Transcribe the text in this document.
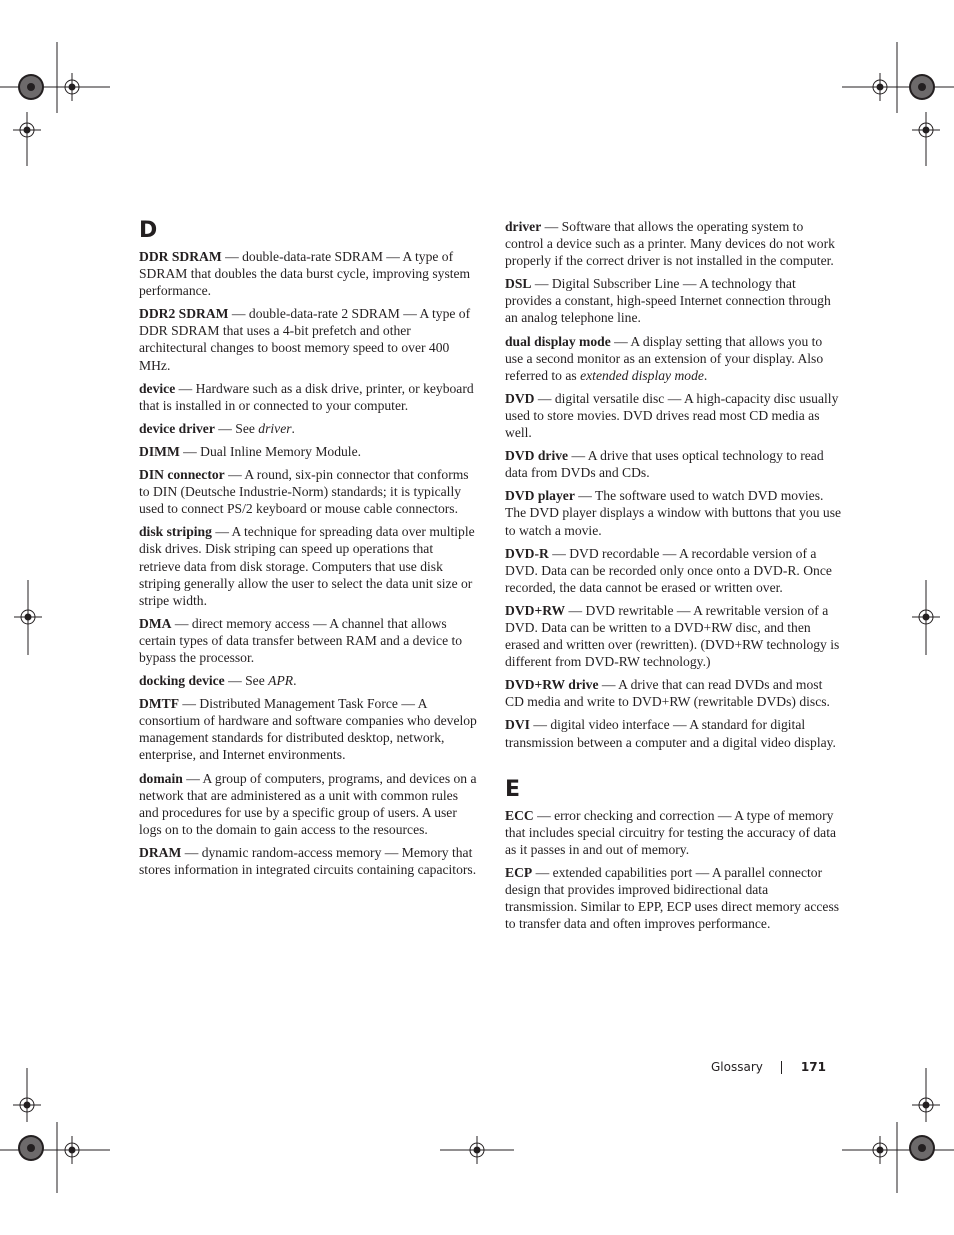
D
DDR SDRAM — double-data-rate SDRAM — A type of SDRAM that doubles the data burst cycle, improving system performance.
DDR2 SDRAM — double-data-rate 2 SDRAM — A type of DDR SDRAM that uses a 4-bit prefetch and other architectural changes to boost memory speed to over 400 MHz.
device — Hardware such as a disk drive, printer, or keyboard that is installed in or connected to your computer.
device driver — See driver.
DIMM — Dual Inline Memory Module.
DIN connector — A round, six-pin connector that conforms to DIN (Deutsche Industrie-Norm) standards; it is typically used to connect PS/2 keyboard or mouse cable connectors.
disk striping — A technique for spreading data over multiple disk drives. Disk striping can speed up operations that retrieve data from disk storage. Computers that use disk striping generally allow the user to select the data unit size or stripe width.
DMA — direct memory access — A channel that allows certain types of data transfer between RAM and a device to bypass the processor.
docking device — See APR.
DMTF — Distributed Management Task Force — A consortium of hardware and software companies who develop management standards for distributed desktop, network, enterprise, and Internet environments.
domain — A group of computers, programs, and devices on a network that are administered as a unit with common rules and procedures for use by a specific group of users. A user logs on to the domain to gain access to the resources.
DRAM — dynamic random-access memory — Memory that stores information in integrated circuits containing capacitors.
driver — Software that allows the operating system to control a device such as a printer. Many devices do not work properly if the correct driver is not installed in the computer.
DSL — Digital Subscriber Line — A technology that provides a constant, high-speed Internet connection through an analog telephone line.
dual display mode — A display setting that allows you to use a second monitor as an extension of your display. Also referred to as extended display mode.
DVD — digital versatile disc — A high-capacity disc usually used to store movies. DVD drives read most CD media as well.
DVD drive — A drive that uses optical technology to read data from DVDs and CDs.
DVD player — The software used to watch DVD movies. The DVD player displays a window with buttons that you use to watch a movie.
DVD-R — DVD recordable — A recordable version of a DVD. Data can be recorded only once onto a DVD-R. Once recorded, the data cannot be erased or written over.
DVD+RW — DVD rewritable — A rewritable version of a DVD. Data can be written to a DVD+RW disc, and then erased and written over (rewritten). (DVD+RW technology is different from DVD-RW technology.)
DVD+RW drive — A drive that can read DVDs and most CD media and write to DVD+RW (rewritable DVDs) discs.
DVI — digital video interface — A standard for digital transmission between a computer and a digital video display.
E
ECC — error checking and correction — A type of memory that includes special circuitry for testing the accuracy of data as it passes in and out of memory.
ECP — extended capabilities port — A parallel connector design that provides improved bidirectional data transmission. Similar to EPP, ECP uses direct memory access to transfer data and often improves performance.
Glossary	171
